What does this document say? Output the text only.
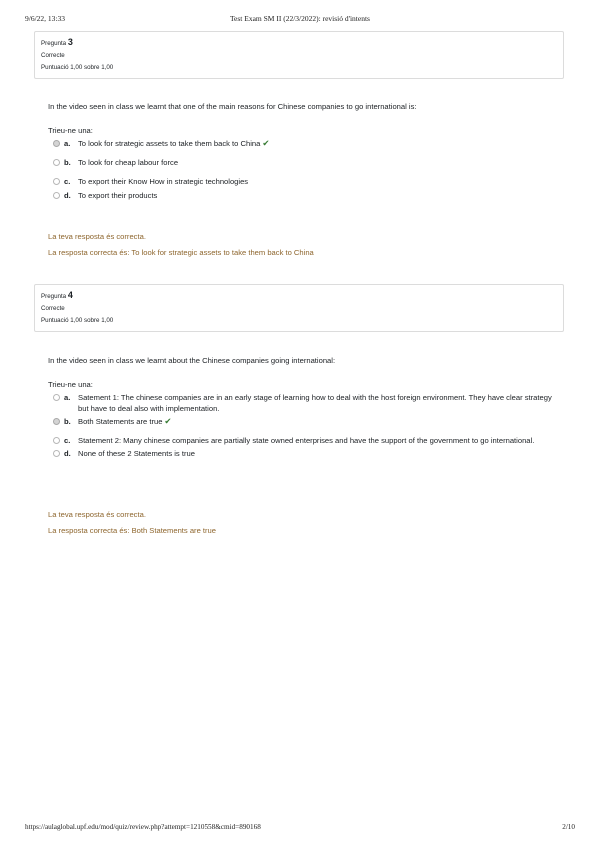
9/6/22, 13:33	Test Exam SM II (22/3/2022): revisió d'intents
Pregunta 3
Correcte
Puntuació 1,00 sobre 1,00

In the video seen in class we learnt that one of the main reasons for Chinese companies to go international is:

Trieu-ne una:

a. To look for strategic assets to take them back to China ✔
b. To look for cheap labour force
c. To export their Know How in strategic technologies
d. To export their products
La teva resposta és correcta.
La resposta correcta és: To look for strategic assets to take them back to China
Pregunta 4
Correcte
Puntuació 1,00 sobre 1,00

In the video seen in class we learnt about the Chinese companies going international:

Trieu-ne una:

a. Satement 1: The chinese companies are in an early stage of learning how to deal with the host foreign environment. They have clear strategy but have to deal also with implementation.
b. Both Statements are true ✔
c. Statement 2: Many chinese companies are partially state owned enterprises and have the support of the government to go international.
d. None of these 2 Statements is true
La teva resposta és correcta.
La resposta correcta és: Both Statements are true
https://aulaglobal.upf.edu/mod/quiz/review.php?attempt=1210558&cmid=890168	2/10
